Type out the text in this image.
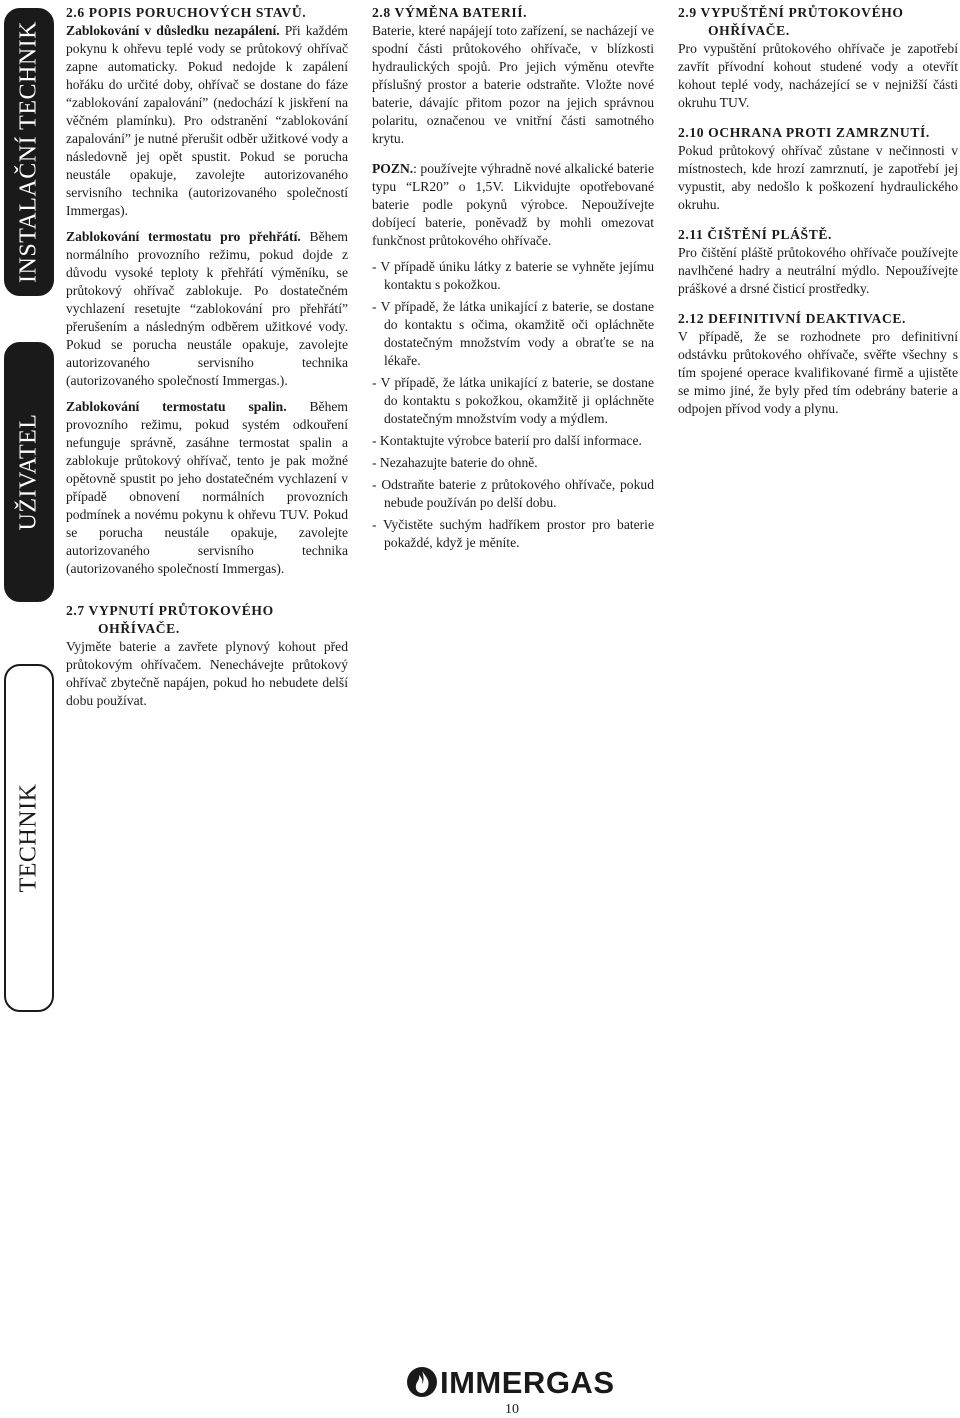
INSTALAČNÍ TECHNIK
UŽIVATEL
TECHNIK

2.6 POPIS PORUCHOVÝCH STAVŮ.

Zablokování v důsledku nezapálení. Při každém pokynu k ohřevu teplé vody se průtokový ohřívač zapne automaticky. Pokud nedojde k zapálení hořáku do určité doby, ohřívač se dostane do fáze “zablokování zapalování” (nedochází k jiskření na věčném plamínku). Pro odstranění “zablokování zapalování” je nutné přerušit odběr užitkové vody a následovně jej opět spustit. Pokud se porucha neustále opakuje, zavolejte autorizovaného servisního technika (autorizovaného společností Immergas).

Zablokování termostatu pro přehřátí. Během normálního provozního režimu, pokud dojde z důvodu vysoké teploty k přehřátí výměníku, se průtokový ohřívač zablokuje. Po dostatečném vychlazení resetujte “zablokování pro přehřátí” přerušením a následným odběrem užitkové vody. Pokud se porucha neustále opakuje, zavolejte autorizovaného servisního technika (autorizovaného společností Immergas.).

Zablokování termostatu spalin. Během provozního režimu, pokud systém odkouření nefunguje správně, zasáhne termostat spalin a zablokuje průtokový ohřívač, tento je pak možné opětovně spustit po jeho dostatečném vychlazení v případě obnovení normálních provozních podmínek a novému pokynu k ohřevu TUV. Pokud se porucha neustále opakuje, zavolejte autorizovaného servisního technika (autorizovaného společností Immergas).

2.7 VYPNUTÍ PRŮTOKOVÉHO
OHŘÍVAČE.

Vyjměte baterie a zavřete plynový kohout před průtokovým ohřívačem. Nenechávejte průtokový ohřívač zbytečně napájen, pokud ho nebudete delší dobu používat.

2.8 VÝMĚNA BATERIÍ.

Baterie, které napájejí toto zařízení, se nacházejí ve spodní části průtokového ohřívače, v blízkosti hydraulických spojů. Pro jejich výměnu otevřte příslušný prostor a baterie odstraňte. Vložte nové baterie, dávajíc přitom pozor na jejich správnou polaritu, označenou ve vnitřní části samotného krytu.

POZN.: používejte výhradně nové alkalické baterie typu “LR20” o 1,5V. Likvidujte opotřebované baterie podle pokynů výrobce. Nepoužívejte dobíjecí baterie, poněvadž by mohli omezovat funkčnost průtokového ohřívače.

- V případě úniku látky z baterie se vyhněte jejímu kontaktu s pokožkou.
- V případě, že látka unikající z baterie, se dostane do kontaktu s očima, okamžitě oči opláchněte dostatečným množstvím vody a obraťte se na lékaře.
- V případě, že látka unikající z baterie, se dostane do kontaktu s pokožkou, okamžitě ji opláchněte dostatečným množstvím vody a mýdlem.
- Kontaktujte výrobce baterií pro další informace.
- Nezahazujte baterie do ohně.
- Odstraňte baterie z průtokového ohřívače, pokud nebude používán po delší dobu.
- Vyčistěte suchým hadříkem prostor pro baterie pokaždé, když je měníte.

2.9 VYPUŠTĚNÍ PRŮTOKOVÉHO
OHŘÍVAČE.

Pro vypuštění průtokového ohřívače je zapotřebí zavřít přívodní kohout studené vody a otevřít kohout teplé vody, nacházející se v nejnižší části okruhu TUV.

2.10 OCHRANA PROTI ZAMRZNUTÍ.

Pokud průtokový ohřívač zůstane v nečinnosti v místnostech, kde hrozí zamrznutí, je zapotřebí jej vypustit, aby nedošlo k poškození hydraulického okruhu.

2.11 ČIŠTĚNÍ PLÁŠTĚ.

Pro čištění pláště průtokového ohřívače používejte navlhčené hadry a neutrální mýdlo. Nepoužívejte práškové a drsné čisticí prostředky.

2.12 DEFINITIVNÍ DEAKTIVACE.

V případě, že se rozhodnete pro definitivní odstávku průtokového ohřívače, svěřte všechny s tím spojené operace kvalifikované firmě a ujistěte se mimo jiné, že byly před tím odebrány baterie a odpojen přívod vody a plynu.

IMMERGAS
10
